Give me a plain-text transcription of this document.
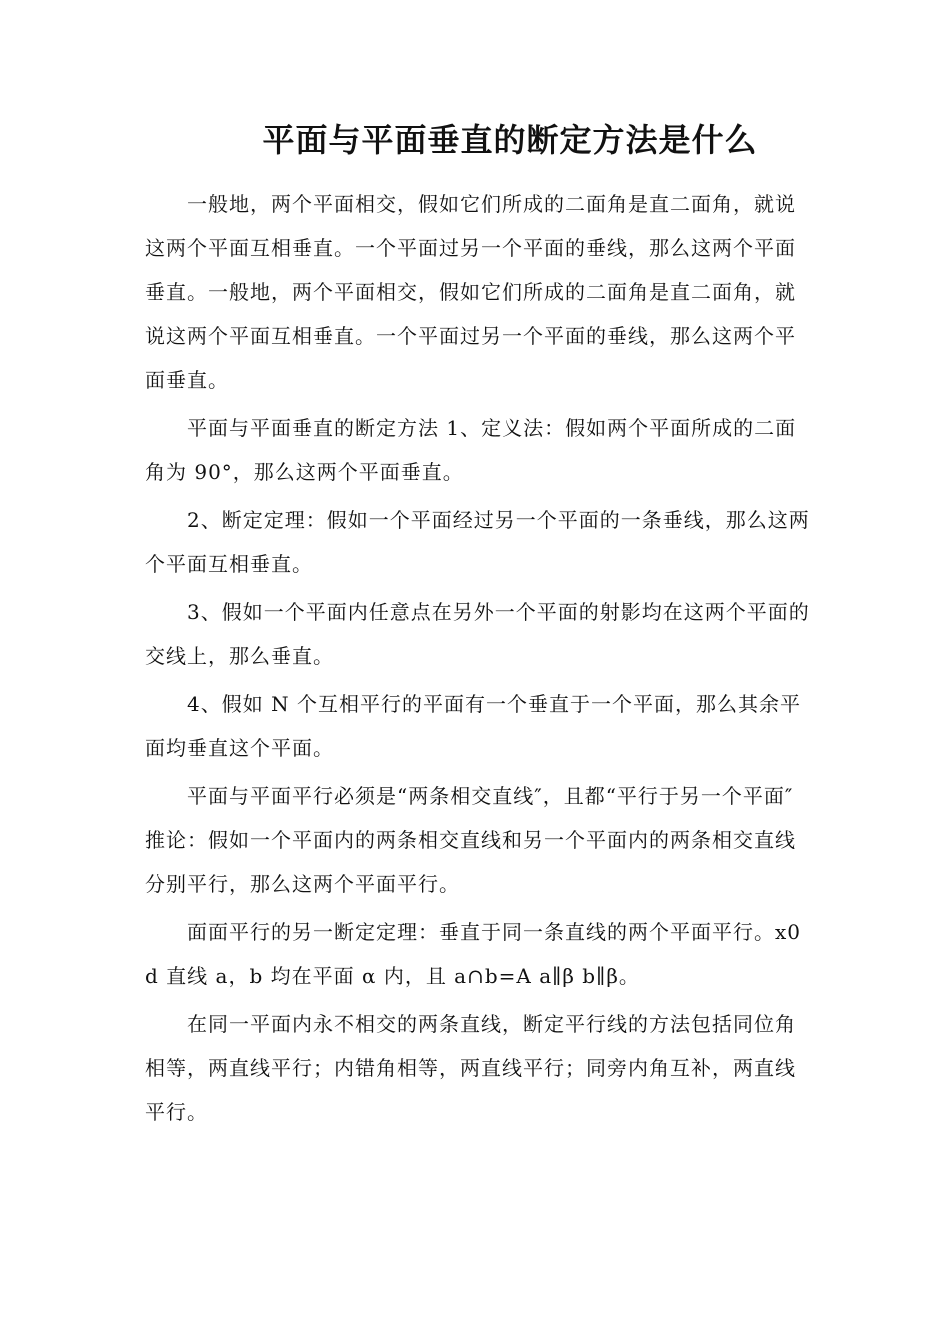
平面与平面垂直的断定方法是什么

一般地，两个平面相交，假如它们所成的二面角是直二面角，就说这两个平面互相垂直。一个平面过另一个平面的垂线，那么这两个平面垂直。一般地，两个平面相交，假如它们所成的二面角是直二面角，就说这两个平面互相垂直。一个平面过另一个平面的垂线，那么这两个平面垂直。

平面与平面垂直的断定方法 1、定义法：假如两个平面所成的二面角为 90°，那么这两个平面垂直。

2、断定定理：假如一个平面经过另一个平面的一条垂线，那么这两个平面互相垂直。

3、假如一个平面内任意点在另外一个平面的射影均在这两个平面的交线上，那么垂直。

4、假如 N 个互相平行的平面有一个垂直于一个平面，那么其余平面均垂直这个平面。

平面与平面平行必须是“两条相交直线″，且都“平行于另一个平面″推论：假如一个平面内的两条相交直线和另一个平面内的两条相交直线分别平行，那么这两个平面平行。

面面平行的另一断定定理：垂直于同一条直线的两个平面平行。x0d 直线 a，b 均在平面 α 内，且 a∩b=A a∥β b∥β。

在同一平面内永不相交的两条直线，断定平行线的方法包括同位角相等，两直线平行；内错角相等，两直线平行；同旁内角互补，两直线平行。
